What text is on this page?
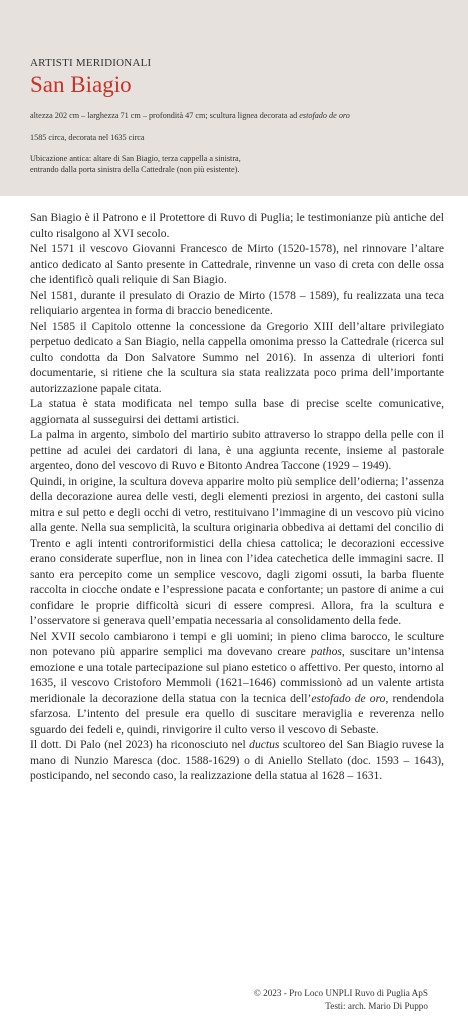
ARTISTI MERIDIONALI
San Biagio
altezza 202 cm – larghezza 71 cm – profondità 47 cm; scultura lignea decorata ad estofado de oro
1585 circa, decorata nel 1635 circa
Ubicazione antica: altare di San Biagio, terza cappella a sinistra,
entrando dalla porta sinistra della Cattedrale (non più esistente).

San Biagio è il Patrono e il Protettore di Ruvo di Puglia; le testimonianze più antiche del culto risalgono al XVI secolo.

Nel 1571 il vescovo Giovanni Francesco de Mirto (1520-1578), nel rinnovare l’altare antico dedicato al Santo presente in Cattedrale, rinvenne un vaso di creta con delle ossa che identificò quali reliquie di San Biagio.

Nel 1581, durante il presulato di Orazio de Mirto (1578 – 1589), fu realizzata una teca reliquiario argentea in forma di braccio benedicente.

Nel 1585 il Capitolo ottenne la concessione da Gregorio XIII dell’altare privilegiato perpetuo dedicato a San Biagio, nella cappella omonima presso la Cattedrale (ricerca sul culto condotta da Don Salvatore Summo nel 2016). In assenza di ulteriori fonti documentarie, si ritiene che la scultura sia stata realizzata poco prima dell’importante autorizzazione papale citata.

La statua è stata modificata nel tempo sulla base di precise scelte comunicative, aggiornata al susseguirsi dei dettami artistici.

La palma in argento, simbolo del martirio subito attraverso lo strappo della pelle con il pettine ad aculei dei cardatori di lana, è una aggiunta recente, insieme al pastorale argenteo, dono del vescovo di Ruvo e Bitonto Andrea Taccone (1929 – 1949).

Quindi, in origine, la scultura doveva apparire molto più semplice dell’odierna; l’assenza della decorazione aurea delle vesti, degli elementi preziosi in argento, dei castoni sulla mitra e sul petto e degli occhi di vetro, restituivano l’immagine di un vescovo più vicino alla gente. Nella sua semplicità, la scultura originaria obbediva ai dettami del concilio di Trento e agli intenti controriformistici della chiesa cattolica; le decorazioni eccessive erano considerate superflue, non in linea con l’idea catechetica delle immagini sacre. Il santo era percepito come un semplice vescovo, dagli zigomi ossuti, la barba fluente raccolta in ciocche ondate e l’espressione pacata e confortante; un pastore di anime a cui confidare le proprie difficoltà sicuri di essere compresi. Allora, fra la scultura e l’osservatore si generava quell’empatia necessaria al consolidamento della fede.

Nel XVII secolo cambiarono i tempi e gli uomini; in pieno clima barocco, le sculture non potevano più apparire semplici ma dovevano creare pathos, suscitare un’intensa emozione e una totale partecipazione sul piano estetico o affettivo. Per questo, intorno al 1635, il vescovo Cristoforo Memmoli (1621–1646) commissionò ad un valente artista meridionale la decorazione della statua con la tecnica dell’estofado de oro, rendendola sfarzosa. L’intento del presule era quello di suscitare meraviglia e reverenza nello sguardo dei fedeli e, quindi, rinvigorire il culto verso il vescovo di Sebaste.

Il dott. Di Palo (nel 2023) ha riconosciuto nel ductus scultoreo del San Biagio ruvese la mano di Nunzio Maresca (doc. 1588-1629) o di Aniello Stellato (doc. 1593 – 1643), posticipando, nel secondo caso, la realizzazione della statua al 1628 – 1631.

© 2023 - Pro Loco UNPLI Ruvo di Puglia ApS
Testi: arch. Mario Di Puppo
